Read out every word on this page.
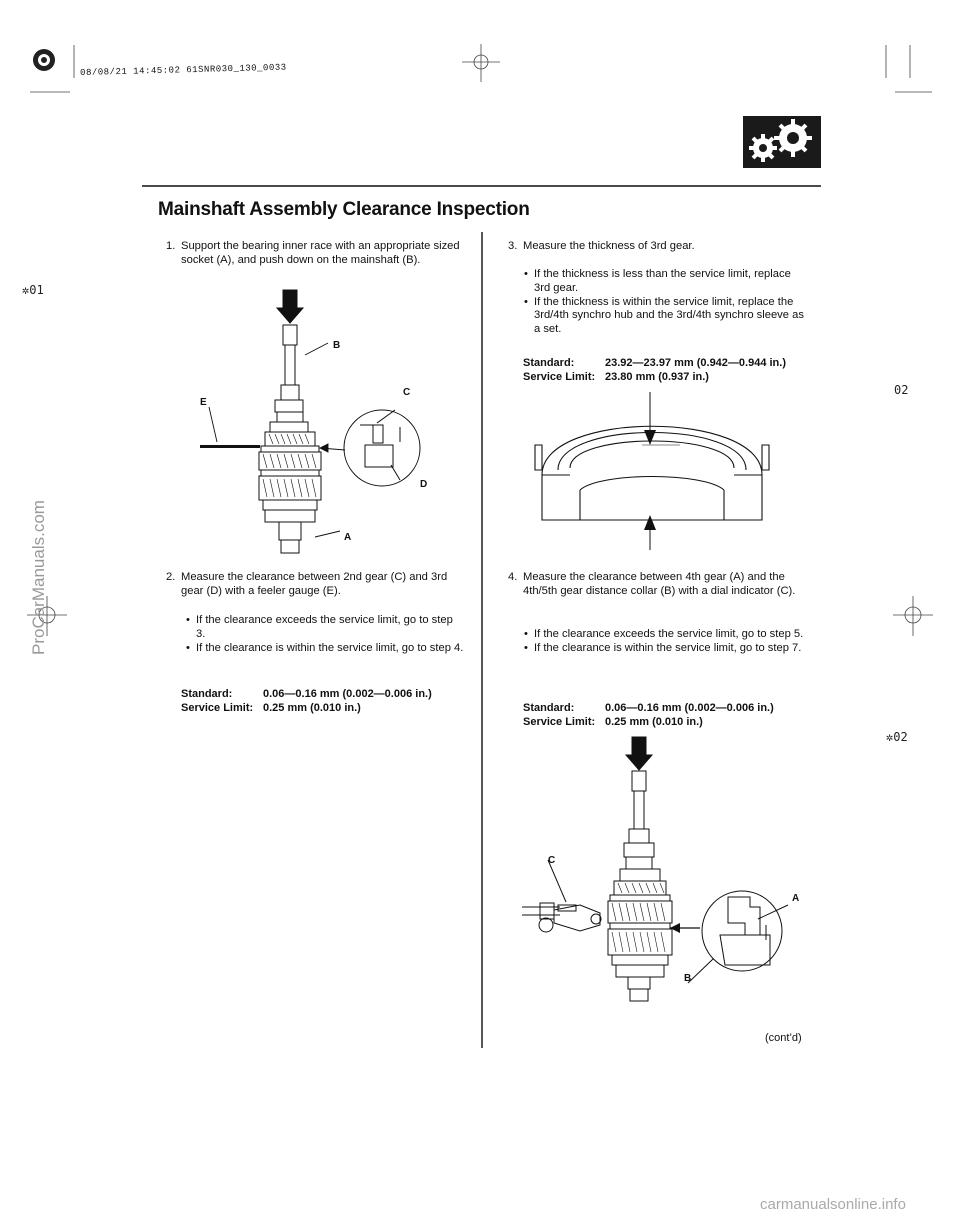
08/08/21 14:45:02 61SNR030_130_0033
Mainshaft Assembly Clearance Inspection
✲01
02
✲02
1. Support the bearing inner race with an appropriate sized socket (A), and push down on the mainshaft (B).
B
C
E
D
A
2. Measure the clearance between 2nd gear (C) and 3rd gear (D) with a feeler gauge (E).
• If the clearance exceeds the service limit, go to step 3.
• If the clearance is within the service limit, go to step 4.
Standard:	0.06—0.16 mm (0.002—0.006 in.)
Service Limit: 0.25 mm (0.010 in.)
3. Measure the thickness of 3rd gear.
• If the thickness is less than the service limit, replace 3rd gear.
• If the thickness is within the service limit, replace the 3rd/4th synchro hub and the 3rd/4th synchro sleeve as a set.
Standard:	23.92—23.97 mm (0.942—0.944 in.)
Service Limit: 23.80 mm (0.937 in.)
4. Measure the clearance between 4th gear (A) and the 4th/5th gear distance collar (B) with a dial indicator (C).
• If the clearance exceeds the service limit, go to step 5.
• If the clearance is within the service limit, go to step 7.
Standard:	0.06—0.16 mm (0.002—0.006 in.)
Service Limit: 0.25 mm (0.010 in.)
C
A
B
(cont’d)
ProCarManuals.com
carmanualsonline.info
